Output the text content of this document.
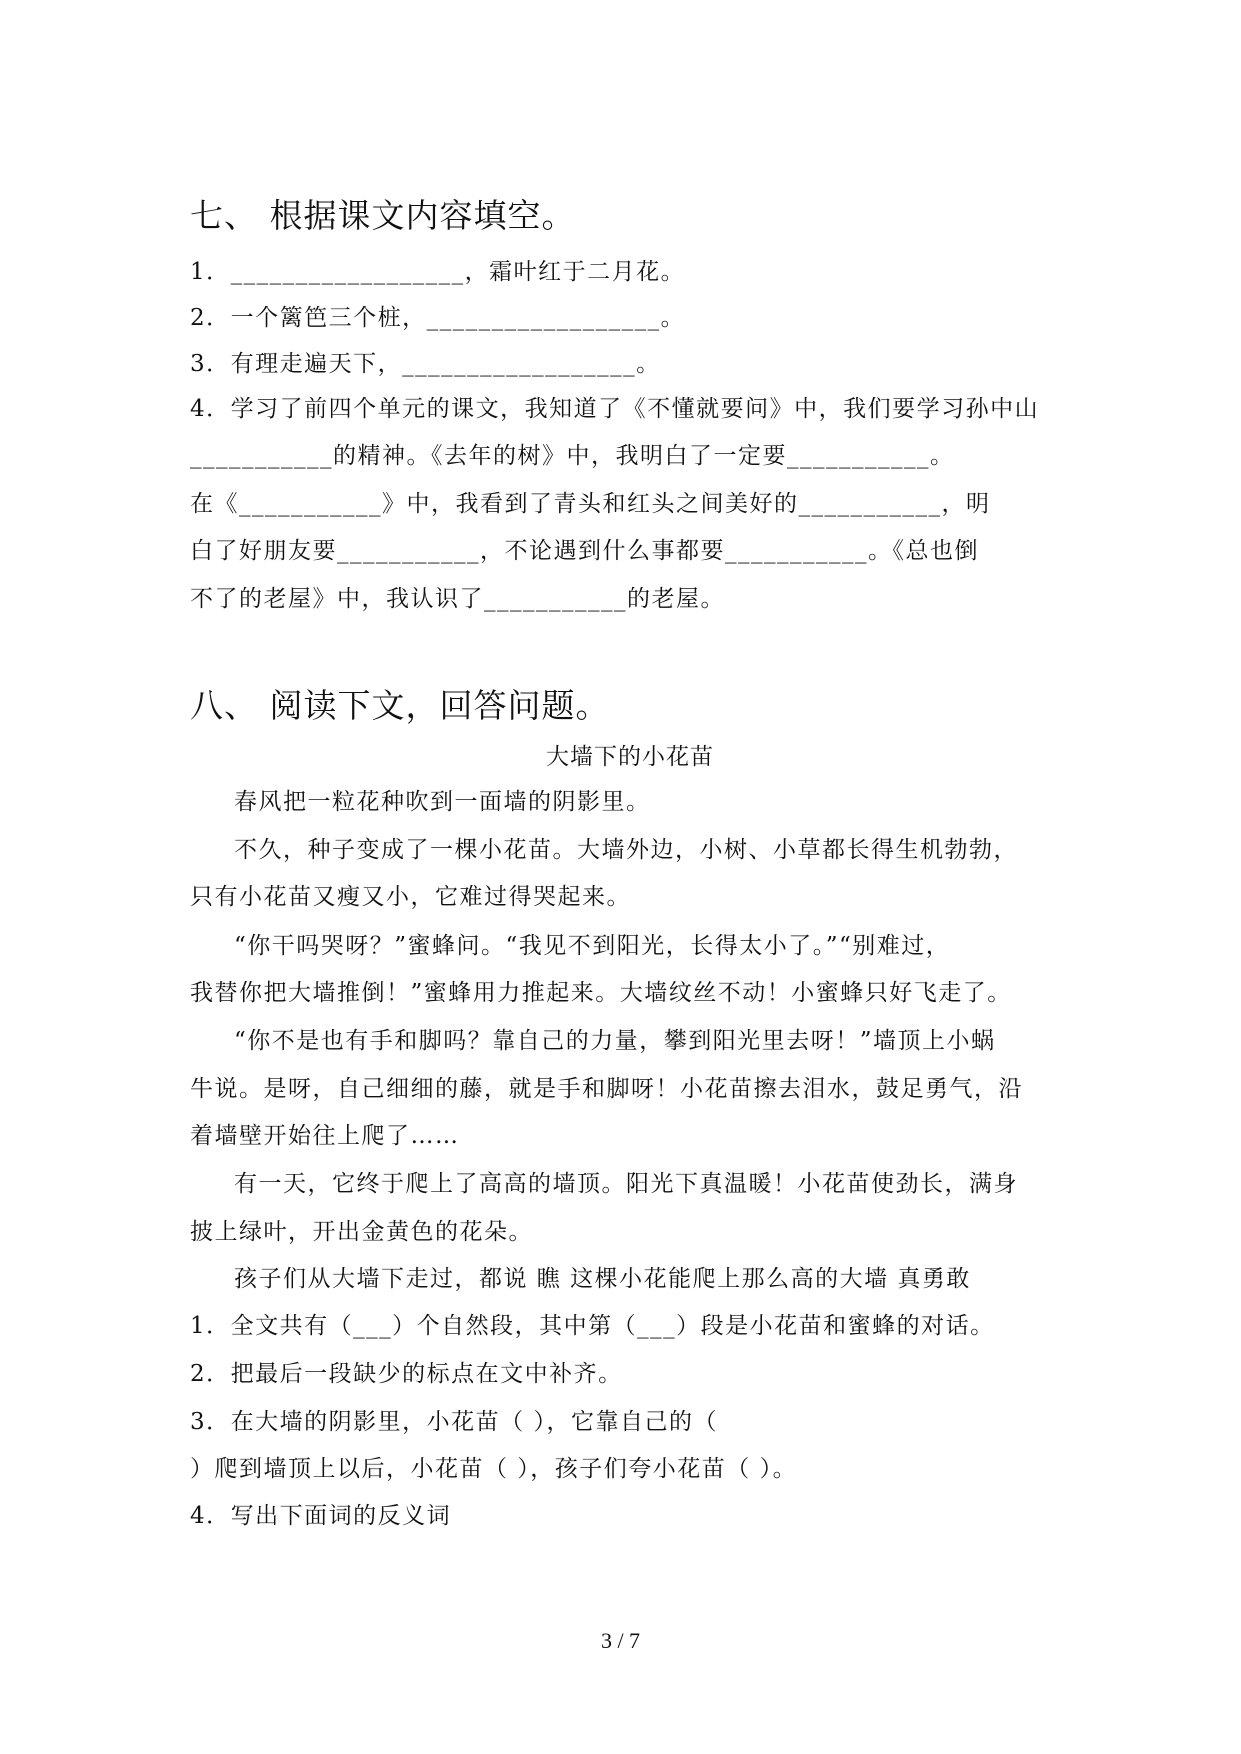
七、 根据课文内容填空。
1．__________________，霜叶红于二月花。
2．一个篱笆三个桩，__________________。
3．有理走遍天下，__________________。
4．学习了前四个单元的课文，我知道了《不懂就要问》中，我们要学习孙中山
___________的精神。《去年的树》中，我明白了一定要___________。
在《___________》中，我看到了青头和红头之间美好的___________，明
白了好朋友要___________，不论遇到什么事都要___________。《总也倒
不了的老屋》中，我认识了___________的老屋。
八、 阅读下文，回答问题。
大墙下的小花苗
春风把一粒花种吹到一面墙的阴影里。
不久，种子变成了一棵小花苗。大墙外边，小树、小草都长得生机勃勃，
只有小花苗又瘦又小，它难过得哭起来。
“你干吗哭呀？”蜜蜂问。“我见不到阳光，长得太小了。”“别难过，
我替你把大墙推倒！”蜜蜂用力推起来。大墙纹丝不动！小蜜蜂只好飞走了。
“你不是也有手和脚吗？靠自己的力量，攀到阳光里去呀！”墙顶上小蜗
牛说。是呀，自己细细的藤，就是手和脚呀！小花苗擦去泪水，鼓足勇气，沿
着墙壁开始往上爬了……
有一天，它终于爬上了高高的墙顶。阳光下真温暖！小花苗使劲长，满身
披上绿叶，开出金黄色的花朵。
孩子们从大墙下走过，都说 瞧 这棵小花能爬上那么高的大墙 真勇敢
1．全文共有（___）个自然段，其中第（___）段是小花苗和蜜蜂的对话。
2．把最后一段缺少的标点在文中补齐。
3．在大墙的阴影里，小花苗（ ），它靠自己的（
）爬到墙顶上以后，小花苗（ ），孩子们夸小花苗（ ）。
4．写出下面词的反义词
3 / 7
